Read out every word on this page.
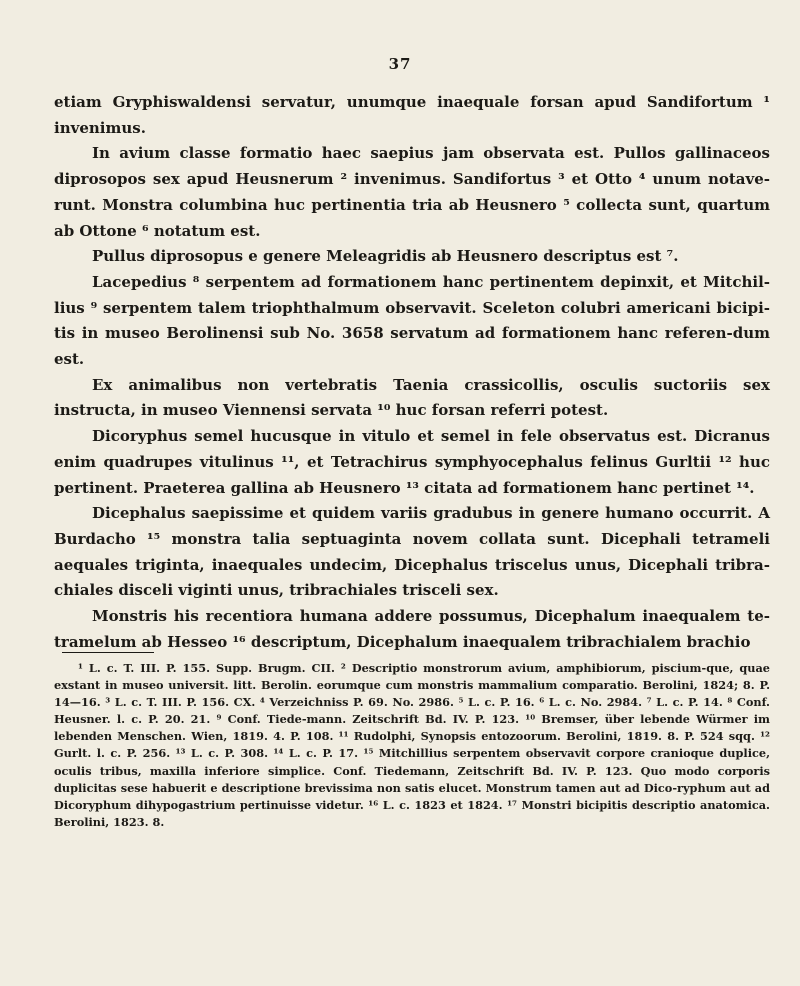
37

etiam Gryphiswaldensi servatur, unumque inaequale forsan apud Sandifortum ¹ invenimus.

In avium classe formatio haec saepius jam observata est. Pullos gallinaceos diprosopos sex apud Heusnerum ² invenimus. Sandifortus ³ et Otto ⁴ unum notave-runt. Monstra columbina huc pertinentia tria ab Heusnero ⁵ collecta sunt, quartum ab Ottone ⁶ notatum est.

Pullus diprosopus e genere Meleagridis ab Heusnero descriptus est ⁷.

Lacepedius ⁸ serpentem ad formationem hanc pertinentem depinxit, et Mitchil-lius ⁹ serpentem talem triophthalmum observavit. Sceleton colubri americani bicipi-tis in museo Berolinensi sub No. 3658 servatum ad formationem hanc referen-dum est.

Ex animalibus non vertebratis Taenia crassicollis, osculis suctoriis sex instructa, in museo Viennensi servata ¹⁰ huc forsan referri potest.

Dicoryphus semel hucusque in vitulo et semel in fele observatus est. Dicranus enim quadrupes vitulinus ¹¹, et Tetrachirus symphyocephalus felinus Gurltii ¹² huc pertinent. Praeterea gallina ab Heusnero ¹³ citata ad formationem hanc pertinet ¹⁴.

Dicephalus saepissime et quidem variis gradubus in genere humano occurrit. A Burdacho ¹⁵ monstra talia septuaginta novem collata sunt. Dicephali tetrameli aequales triginta, inaequales undecim, Dicephalus triscelus unus, Dicephali tribra-chiales disceli viginti unus, tribrachiales trisceli sex.

Monstris his recentiora humana addere possumus, Dicephalum inaequalem te-tramelum ab Hesseo ¹⁶ descriptum, Dicephalum inaequalem tribrachialem brachio

¹ L. c. T. III. P. 155. Supp. Brugm. CII. ² Descriptio monstrorum avium, amphibiorum, piscium-que, quae exstant in museo universit. litt. Berolin. eorumque cum monstris mammalium comparatio. Berolini, 1824; 8. P. 14—16. ³ L. c. T. III. P. 156. CX. ⁴ Verzeichniss P. 69. No. 2986. ⁵ L. c. P. 16. ⁶ L. c. No. 2984. ⁷ L. c. P. 14. ⁸ Conf. Heusner. l. c. P. 20. 21. ⁹ Conf. Tiede-mann. Zeitschrift Bd. IV. P. 123. ¹⁰ Bremser, über lebende Würmer im lebenden Menschen. Wien, 1819. 4. P. 108. ¹¹ Rudolphi, Synopsis entozoorum. Berolini, 1819. 8. P. 524 sqq. ¹² Gurlt. l. c. P. 256. ¹³ L. c. P. 308. ¹⁴ L. c. P. 17. ¹⁵ Mitchillius serpentem observavit corpore cranioque duplice, oculis tribus, maxilla inferiore simplice. Conf. Tiedemann, Zeitschrift Bd. IV. P. 123. Quo modo corporis duplicitas sese habuerit e descriptione brevissima non satis elucet. Monstrum tamen aut ad Dico-ryphum aut ad Dicoryphum dihypogastrium pertinuisse videtur. ¹⁶ L. c. 1823 et 1824. ¹⁷ Monstri bicipitis descriptio anatomica. Berolini, 1823. 8.
